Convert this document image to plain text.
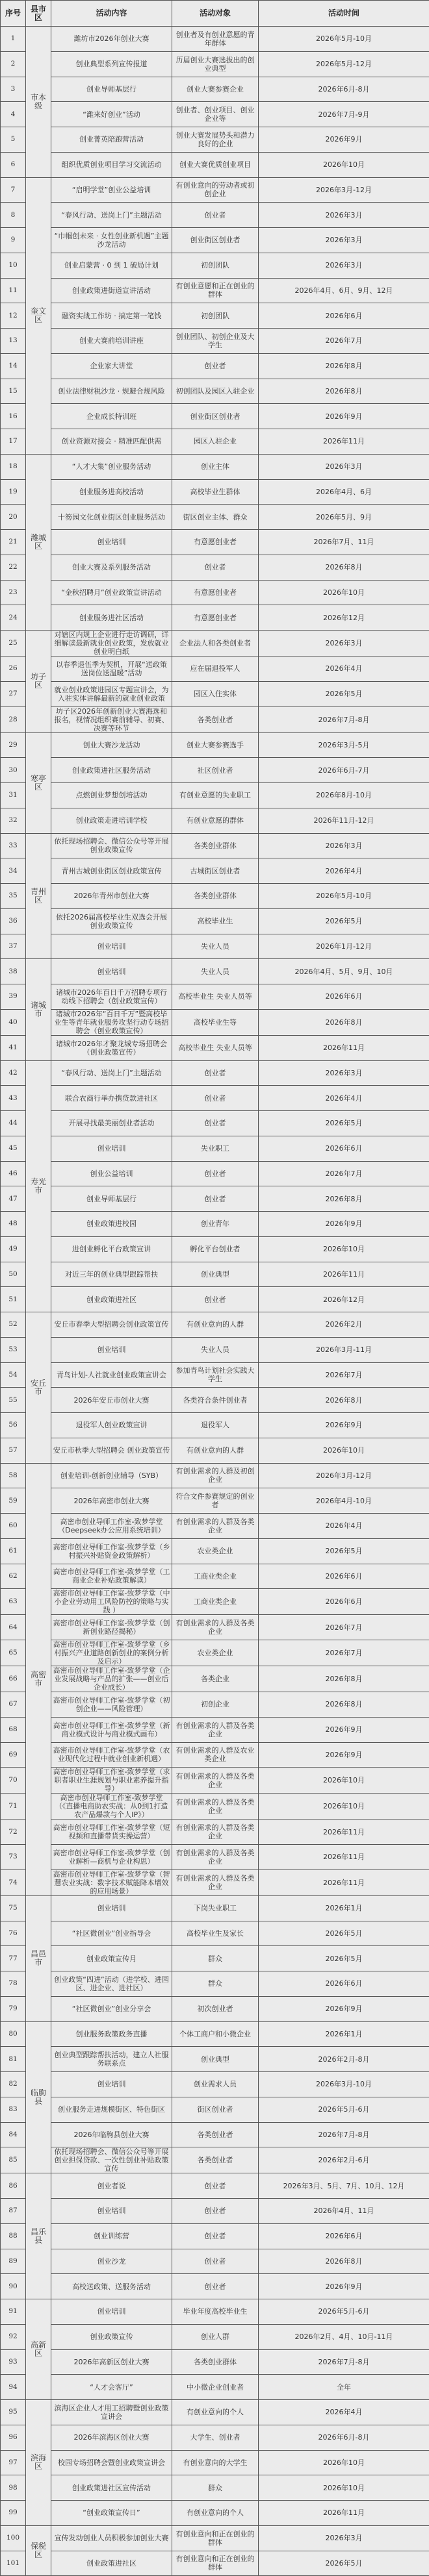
序号	县市区	活动内容	活动对象	活动时间
1	市本级	潍坊市2026年创业大赛	创业者及有创业意愿的青年群体	2026年5月-10月
2		创业典型系列宣传报道	历届创业大赛选拔出的创业典型	2026年5月-12月
3		创业导师基层行	创业大赛参赛企业	2026年6月-8月
4		“潍来好创业”活动	创业者、创业项目、创业企业等	2026年7月-9月
5		创业菁英陪跑营活动	创业大赛发展势头和潜力良好的企业	2026年9月
6		组织优质创业项目学习交流活动	创业大赛优质创业项目	2026年10月
7	奎文区	“启明学堂”创业公益培训	有创业意向的劳动者或初创企业	2026年3月-12月
8		“春风行动、送岗上门”主题活动	创业者	2026年3月
9		“巾帼创未来 · 女性创业新机遇”主题沙龙活动	创业街区创业者	2026年3月
10		创业启蒙营 · 0 到 1 破局计划	初创团队	2026年3月
11		创业政策进街道宣讲活动	有创业意愿和正在创业的群体	2026年4月、6月、9月、12月
12		融资实战工作坊 · 搞定第一笔钱	初创团队	2026年6月
13		创业大赛前培训讲座	创业团队、初创企业及大学生	2026年7月
14		企业家大讲堂	创业者	2026年8月
15		创业法律财税沙龙 · 规避合规风险	初创团队及园区入驻企业	2026年8月
16		企业成长特训班	创业街区创业者	2026年9月
17		创业资源对接会 · 精准匹配供需	园区入驻企业	2026年11月
18	潍城区	“人才大集”创业服务活动	创业主体	2026年3月
19		创业服务进高校活动	高校毕业生群体	2026年4月、6月
20		十笏园文化创业街区创业服务活动	街区创业主体、群众	2026年5月、9月
21		创业培训	有意愿创业者	2026年7月、11月
22		创业大赛及系列服务活动	创业者	2026年8月
23		“金秋招聘月”创业政策宣讲活动	有意愿创业者	2026年10月
24		创业服务进社区活动	有意愿创业者	2026年12月
25	坊子区	对辖区内规上企业进行走访调研，详细解读最新就业创业政策，发放就业创业明白纸	企业法人和各类创业者	2026年3月
26		以春季退伍季为契机，开展“送政策送岗位送温暖”活动	应在届退役军人	2026年4月
27		就业创业政策进园区专题宣讲会，为入驻实体讲解最新的就业创业政策	园区入住实体	2026年5月
28		坊子区2026年创新创业大赛海选和报名，视情况组织赛前辅导、初赛、决赛等环节	各类创业者	2026年7月-8月
29	寒亭区	创业大赛沙龙活动	创业大赛参赛选手	2026年3月-5月
30		创业政策进社区服务活动	社区创业者	2026年6月-7月
31		点燃创业梦想创培活动	有创业意愿的失业职工	2026年8月-10月
32		创业政策走进培训学校	有创业意愿的群体	2026年11月-12月
33	青州区	依托现场招聘会、微信公众号等开展创业政策宣传	各类创业群体	2026年3月
34		青州古城创业街区创业政策宣传	古城街区创业者	2026年4月
35		2026年青州市创业大赛	各类创业群体	2026年5月-10月
36		依托2026届高校毕业生双选会开展创业政策宣传	高校毕业生	2026年5月
37		创业培训	失业人员	2026年1月-12月
38	诸城市	创业培训	失业人员	2026年4月、5月、9月、10月
39		诸城市2026年百日千万招聘专项行动线下招聘会（创业政策宣传）	高校毕业生 失业人员等	2026年6月
40		诸城市2026年“百日千万”暨高校毕业生等青年就业服务攻坚行动专场招聘会（创业政策宣传）	高校毕业生等	2026年8月
41		诸城市2026年才聚龙城专场招聘会（创业政策宣传）	高校毕业生 失业人员等	2026年11月
42	寿光市	“春风行动、送岗上门”主题活动	创业者	2026年3月
43		联合农商行举办携贷款进社区	创业者	2026年4月
44		开展寻找最美丽创业者活动	创业者	2026年5月
45		创业培训	失业职工	2026年6月
46		创业公益培训	创业者	2026年7月
47		创业导师基层行	创业者	2026年8月
48		创业政策进校园	创业青年	2026年9月
49		进创业孵化平台政策宣讲	孵化平台创业者	2026年10月
50		对近三年的创业典型跟踪帮扶	创业典型	2026年11月
51		创业政策进社区	创业者	2026年12月
52	安丘市	安丘市春季大型招聘会创业政策宣传	有创业意向的人群	2026年2月
53		创业培训	失业人员	2026年3月-11月
54		青鸟计划-人社就业创业政策宣讲会	参加青鸟计划社会实践大学生	2026年7月
55		2026年安丘市创业大赛	各类符合条件创业者	2026年8月
56		退役军人创业政策宣讲	退役军人	2026年9月
57		安丘市秋季大型招聘会 创业政策宣传	有创业意向的人群	2026年10月
58	高密市	创业培训-创新创业辅导（SYB）	有创业需求的人群及初创企业	2026年3月-12月
59		2026年高密市创业大赛	符合文件参赛规定的创业者	2026年4月-10月
60		高密市创业导师工作室-致梦学堂（Deepseek办公应用系统培训）	有创业需求的人群及各类企业	2026年4月
61		高密市创业导师工作室-致梦学堂（乡村振兴补贴资金政策解析）	农业类企业	2026年5月
62		高密市创业导师工作室-致梦学堂（工商业企业补贴政策解读）	工商业类企业	2026年6月
63		高密市创业导师工作室-致梦学堂（中小企业劳动用工风险防控的策略与实践 ）	工商业类企业	2026年6月
64		高密市创业导师工作室-致梦学堂（创新创业路径揭秘）	有创业需求的人群及各类企业	2026年7月
65		高密市创业导师工作室-致梦学堂（乡村振兴产业道路创新创业的案例分析及启示）	农业类企业	2026年7月
66		高密市创业导师工作室-致梦学堂（企业发展战略与产品的扩张——创业后企业成长）	各类企业	2026年8月
67		高密市创业导师工作室-致梦学堂（初创企业——风险管理）	初创企业	2026年8月
68		高密市创业导师工作室-致梦学堂（新商业模式设计与商业模式画布）	有创业需求的人群及各类企业	2026年9月
69		高密市创业导师工作室-致梦学堂（农业现代化过程中就业创业新机遇）	有创业需求的人群及农业类企业	2026年9月
70		高密市创业导师工作室-致梦学堂（求职者职业生涯规划与职业素养提升指导）	有创业需求的人群及各类企业	2026年10月
71		高密市创业导师工作室-致梦学堂（《直播电商助农实战：从0到1打造农产品爆款与个人IP》）	有创业需求的人群及各类企业	2026年10月
72		高密市创业导师工作室-致梦学堂（短视频和直播带货实操运营）	有创业需求的人群及各类企业	2026年11月
73		高密市创业导师工作室-致梦学堂（创业解析—商机与企业构思）	有创业需求的人群及各类企业	2026年11月
74		高密市创业导师工作室-致梦学堂（智慧农业实战：数字技术赋能降本增效的应用场景）	有创业需求的人群及各类企业	2026年11月
75	昌邑市	创业培训	下岗失业职工	2026年1月
76		“社区微创业”创业指导会	高校毕业生及家长	2026年5月
77		创业政策宣传月	群众	2026年5月
78		创业政策“四进”活动（进学校、进园区、进企业、进社区）	群众	2026年6月
79		“社区微创业”创业分享会	初次创业者	2026年9月
80	临朐县	创业服务政策政务直播	个体工商户和小微企业	2026年1月
81		创业典型跟踪帮扶活动，建立人社服务联系点	创业典型	2026年2月-8月
82		创业培训	创业需求人员	2026年3月-10月
83		创业服务走进规模街区、特色街区	街区创业者	2026年5月-6月
84		2026年临朐县创业大赛	各类创业者	2026年7月-8月
85		依托现场招聘会、微信公众号等开展创业担保贷款、一次性创业补贴政策宣传	各类创业者	2026年2月-6月
86	昌乐县	创业者说	创业者	2026年3月、5月、7月、10月、12月
87		创业培训	创业者	2026年4月、11月
88		创业训练营	创业者	2026年6月
89		创业沙龙	创业者	2026年8月
90		高校送政策、送服务活动	创业者	2026年9月
91	高新区	创业培训	毕业年度高校毕业生	2026年5月-6月
92		创业政策宣传	创业人群	2026年2月、4月、10月-11月
93		2026年高新区创业大赛	各类创业群体	2026年7月-8月
94		“人才会客厅”	中小微企业创业者	全年
95	滨海区	滨海区企业人才用工招聘暨创业政策宣讲会	有创业意向的个人	2026年4月
96		2026年滨海区创业大赛	大学生、创业者	2026年6月-8月
97		校园专场招聘会暨创业政策宣讲会	有创业意向的大学生	2026年10月
98		创业政策进社区宣传活动	群众	2026年10月
99		“创业政策宣传日”	有创业意向的个人	2026年11月
100	保税区	宣传发动创业人员积极参加创业大赛	有创业意向和正在创业的群体	2026年3月
101		创业政策进社区	有创业意向和正在创业的群体	2026年5月
